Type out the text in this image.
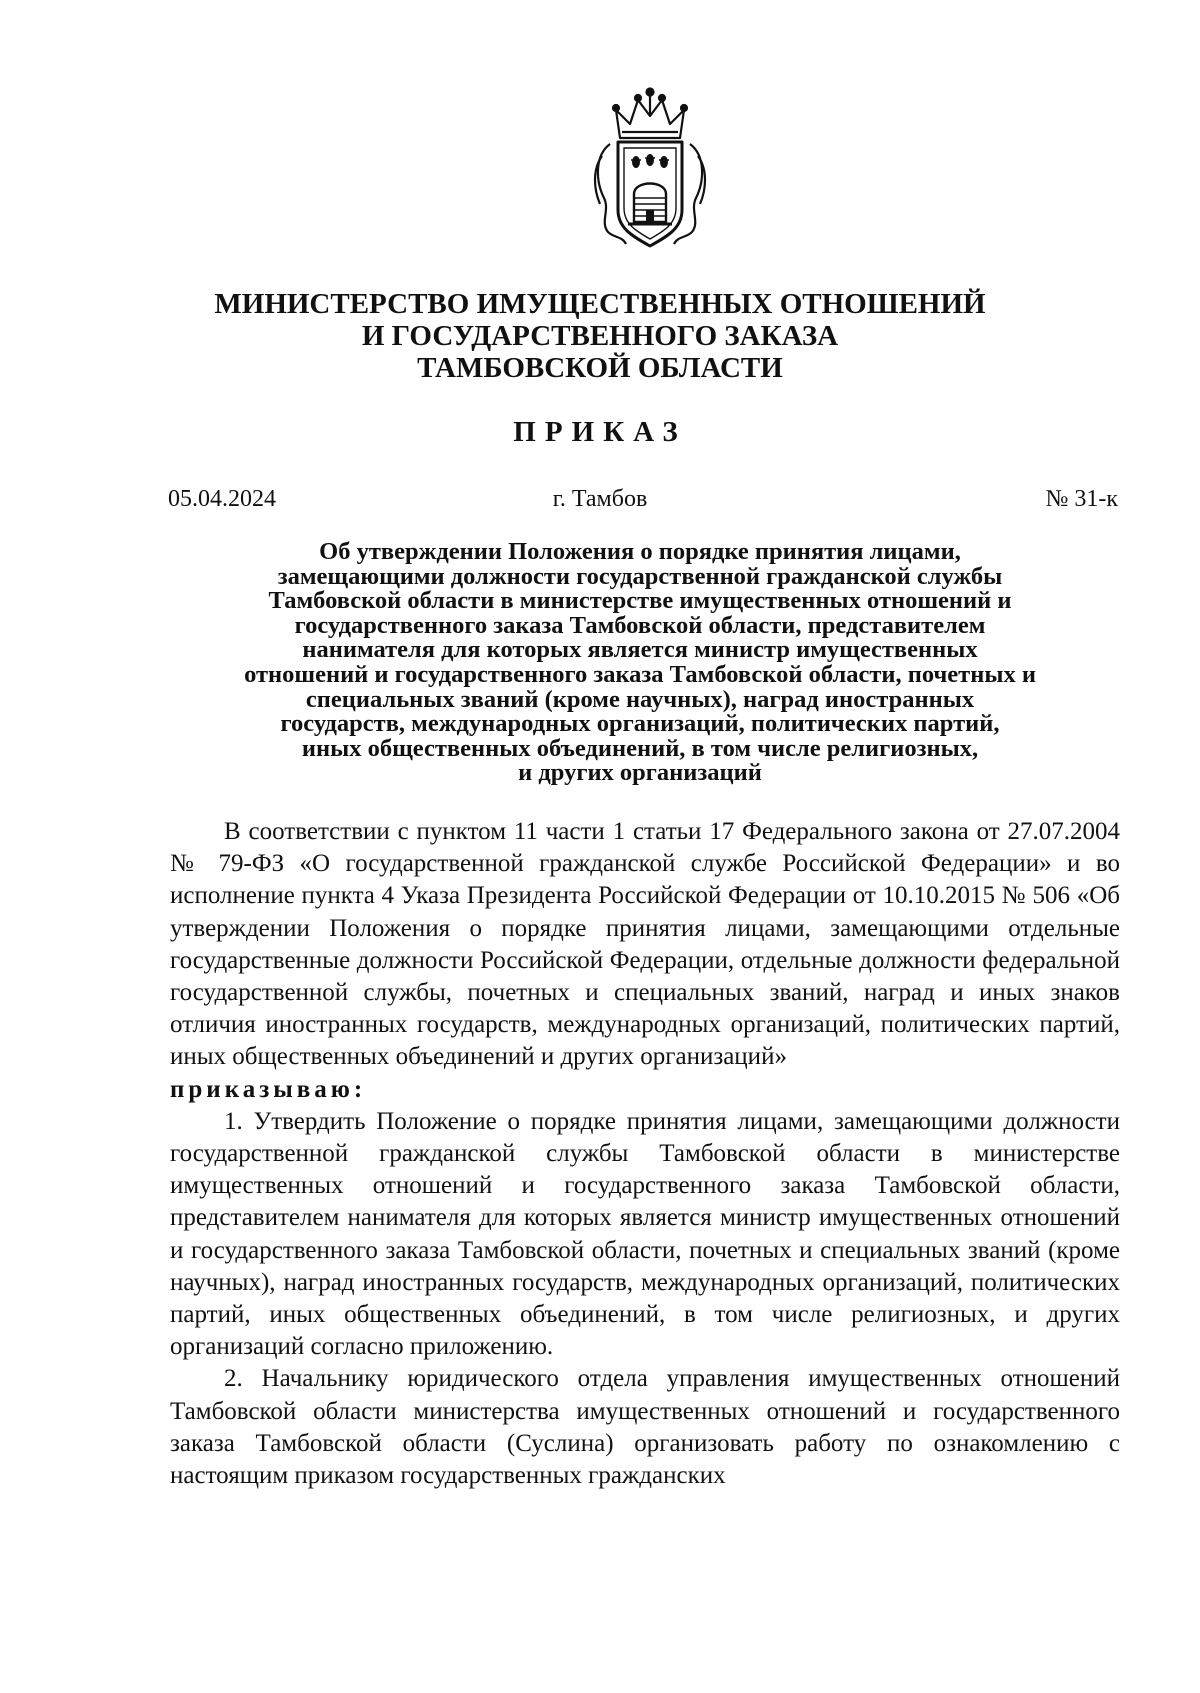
МИНИСТЕРСТВО ИМУЩЕСТВЕННЫХ ОТНОШЕНИЙ
И ГОСУДАРСТВЕННОГО ЗАКАЗА
ТАМБОВСКОЙ ОБЛАСТИ
ПРИКАЗ
05.04.2024	г. Тамбов	№ 31-к
Об утверждении Положения о порядке принятия лицами,
замещающими должности государственной гражданской службы
Тамбовской области в министерстве имущественных отношений и
государственного заказа Тамбовской области, представителем
нанимателя для которых является министр имущественных
отношений и государственного заказа Тамбовской области, почетных и
специальных званий (кроме научных), наград иностранных
государств, международных организаций, политических партий,
иных общественных объединений, в том числе религиозных,
и других организаций

В соответствии с пунктом 11 части 1 статьи 17 Федерального закона от 27.07.2004 № 79-ФЗ «О государственной гражданской службе Российской Федерации» и во исполнение пункта 4 Указа Президента Российской Федерации от 10.10.2015 № 506 «Об утверждении Положения о порядке принятия лицами, замещающими отдельные государственные должности Российской Федерации, отдельные должности федеральной государственной службы, почетных и специальных званий, наград и иных знаков отличия иностранных государств, международных организаций, политических партий, иных общественных объединений и других организаций»

приказываю:

1. Утвердить Положение о порядке принятия лицами, замещающими должности государственной гражданской службы Тамбовской области в министерстве имущественных отношений и государственного заказа Тамбовской области, представителем нанимателя для которых является министр имущественных отношений и государственного заказа Тамбовской области, почетных и специальных званий (кроме научных), наград иностранных государств, международных организаций, политических партий, иных общественных объединений, в том числе религиозных, и других организаций согласно приложению.

2. Начальнику юридического отдела управления имущественных отношений Тамбовской области министерства имущественных отношений и государственного заказа Тамбовской области (Суслина) организовать работу по ознакомлению с настоящим приказом государственных гражданских
